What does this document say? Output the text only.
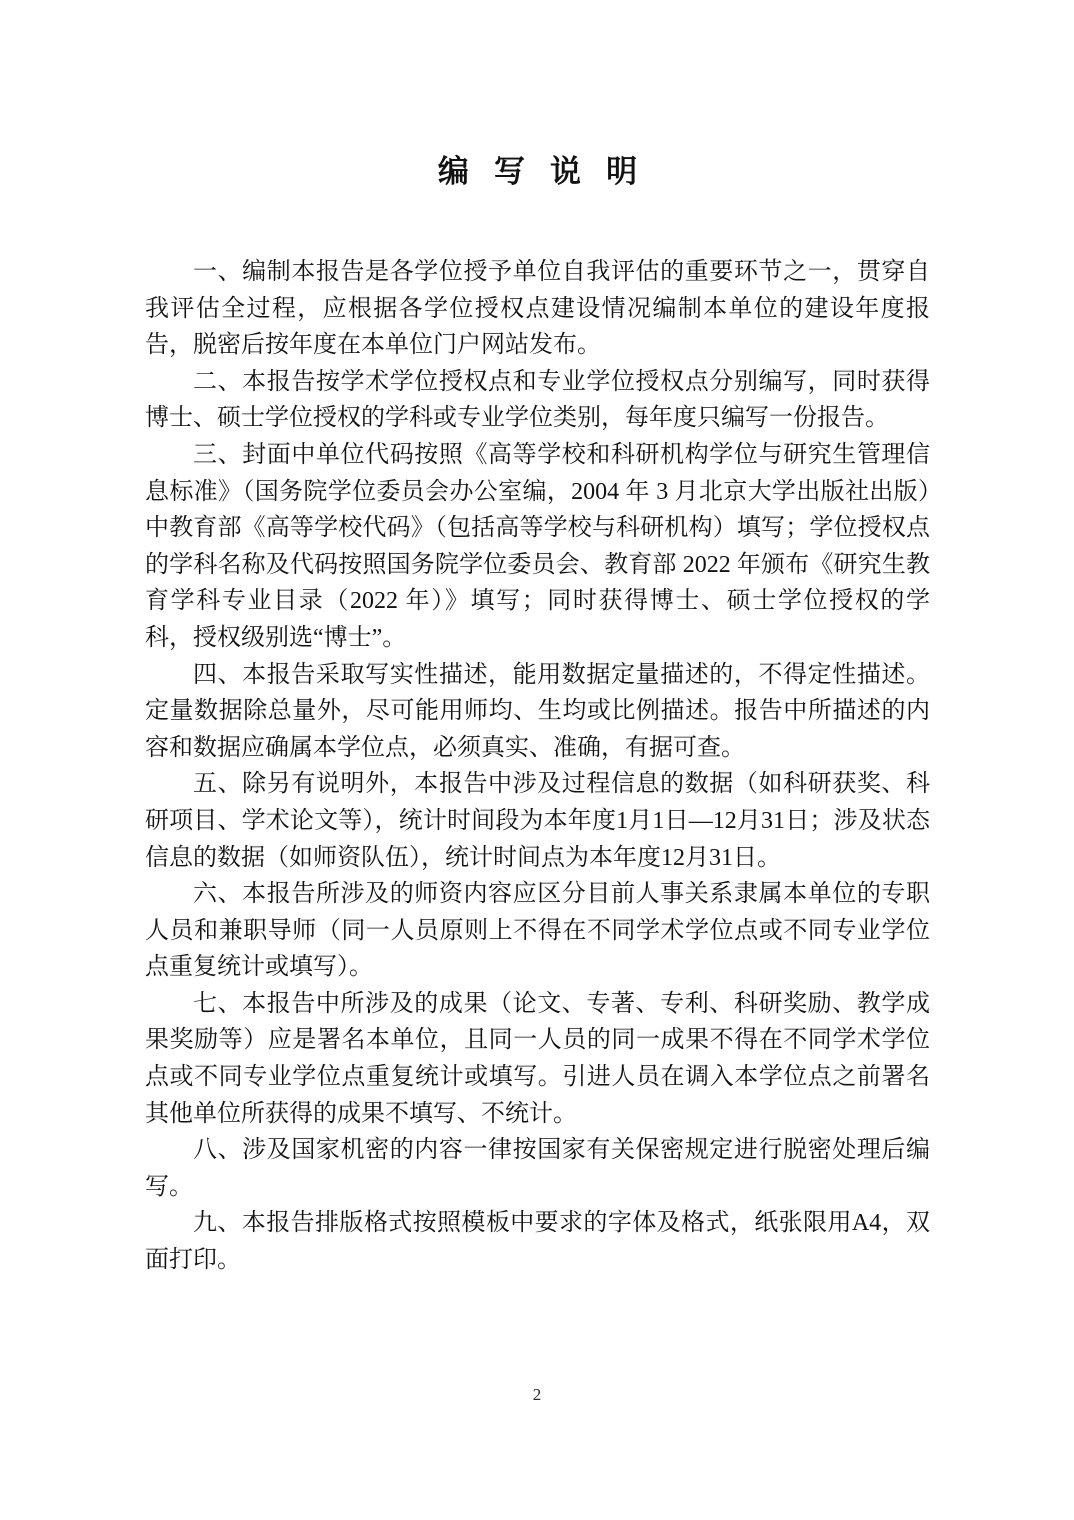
编 写 说 明

一、编制本报告是各学位授予单位自我评估的重要环节之一，贯穿自我评估全过程，应根据各学位授权点建设情况编制本单位的建设年度报告，脱密后按年度在本单位门户网站发布。

二、本报告按学术学位授权点和专业学位授权点分别编写，同时获得博士、硕士学位授权的学科或专业学位类别，每年度只编写一份报告。

三、封面中单位代码按照《高等学校和科研机构学位与研究生管理信息标准》（国务院学位委员会办公室编，2004 年 3 月北京大学出版社出版）中教育部《高等学校代码》（包括高等学校与科研机构）填写；学位授权点的学科名称及代码按照国务院学位委员会、教育部 2022 年颁布《研究生教育学科专业目录（2022 年）》填写；同时获得博士、硕士学位授权的学科，授权级别选“博士”。

四、本报告采取写实性描述，能用数据定量描述的，不得定性描述。定量数据除总量外，尽可能用师均、生均或比例描述。报告中所描述的内容和数据应确属本学位点，必须真实、准确，有据可查。

五、除另有说明外，本报告中涉及过程信息的数据（如科研获奖、科研项目、学术论文等），统计时间段为本年度1月1日—12月31日；涉及状态信息的数据（如师资队伍），统计时间点为本年度12月31日。

六、本报告所涉及的师资内容应区分目前人事关系隶属本单位的专职人员和兼职导师（同一人员原则上不得在不同学术学位点或不同专业学位点重复统计或填写）。

七、本报告中所涉及的成果（论文、专著、专利、科研奖励、教学成果奖励等）应是署名本单位，且同一人员的同一成果不得在不同学术学位点或不同专业学位点重复统计或填写。引进人员在调入本学位点之前署名其他单位所获得的成果不填写、不统计。

八、涉及国家机密的内容一律按国家有关保密规定进行脱密处理后编写。

九、本报告排版格式按照模板中要求的字体及格式，纸张限用A4，双面打印。

2
